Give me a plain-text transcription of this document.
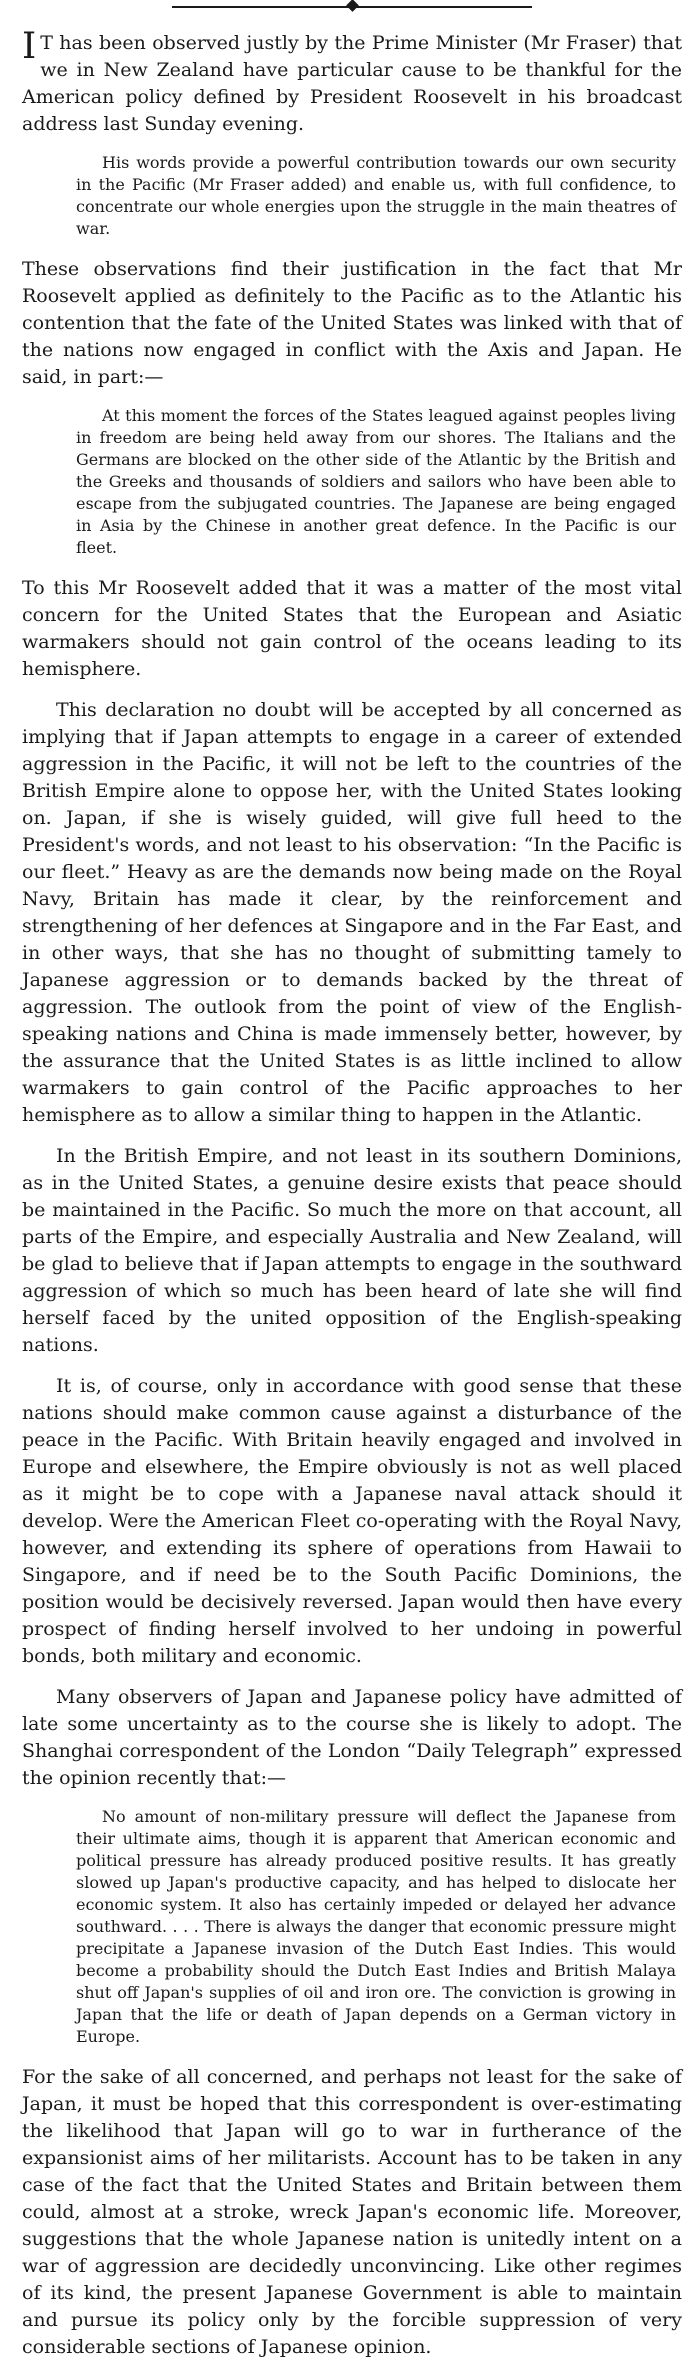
IT has been observed justly by the Prime Minister (Mr Fraser) that we in New Zealand have particular cause to be thankful for the American policy defined by President Roosevelt in his broadcast address last Sunday evening.

His words provide a powerful contribution towards our own security in the Pacific (Mr Fraser added) and enable us, with full confidence, to concentrate our whole energies upon the struggle in the main theatres of war.

These observations find their justification in the fact that Mr Roosevelt applied as definitely to the Pacific as to the Atlantic his contention that the fate of the United States was linked with that of the nations now engaged in conflict with the Axis and Japan. He said, in part:—

At this moment the forces of the States leagued against peoples living in freedom are being held away from our shores. The Italians and the Germans are blocked on the other side of the Atlantic by the British and the Greeks and thousands of soldiers and sailors who have been able to escape from the subjugated countries. The Japanese are being engaged in Asia by the Chinese in another great defence. In the Pacific is our fleet.

To this Mr Roosevelt added that it was a matter of the most vital concern for the United States that the European and Asiatic warmakers should not gain control of the oceans leading to its hemisphere.

This declaration no doubt will be accepted by all concerned as implying that if Japan attempts to engage in a career of extended aggression in the Pacific, it will not be left to the countries of the British Empire alone to oppose her, with the United States looking on. Japan, if she is wisely guided, will give full heed to the President's words, and not least to his observation: “In the Pacific is our fleet.” Heavy as are the demands now being made on the Royal Navy, Britain has made it clear, by the reinforcement and strengthening of her defences at Singapore and in the Far East, and in other ways, that she has no thought of submitting tamely to Japanese aggression or to demands backed by the threat of aggression. The outlook from the point of view of the English-speaking nations and China is made immensely better, however, by the assurance that the United States is as little inclined to allow warmakers to gain control of the Pacific approaches to her hemisphere as to allow a similar thing to happen in the Atlantic.

In the British Empire, and not least in its southern Dominions, as in the United States, a genuine desire exists that peace should be maintained in the Pacific. So much the more on that account, all parts of the Empire, and especially Australia and New Zealand, will be glad to believe that if Japan attempts to engage in the southward aggression of which so much has been heard of late she will find herself faced by the united opposition of the English-speaking nations.

It is, of course, only in accordance with good sense that these nations should make common cause against a disturbance of the peace in the Pacific. With Britain heavily engaged and involved in Europe and elsewhere, the Empire obviously is not as well placed as it might be to cope with a Japanese naval attack should it develop. Were the American Fleet co-operating with the Royal Navy, however, and extending its sphere of operations from Hawaii to Singapore, and if need be to the South Pacific Dominions, the position would be decisively reversed. Japan would then have every prospect of finding herself involved to her undoing in powerful bonds, both military and economic.

Many observers of Japan and Japanese policy have admitted of late some uncertainty as to the course she is likely to adopt. The Shanghai correspondent of the London “Daily Telegraph” expressed the opinion recently that:—

No amount of non-military pressure will deflect the Japanese from their ultimate aims, though it is apparent that American economic and political pressure has already produced positive results. It has greatly slowed up Japan's productive capacity, and has helped to dislocate her economic system. It also has certainly impeded or delayed her advance southward. . . . There is always the danger that economic pressure might precipitate a Japanese invasion of the Dutch East Indies. This would become a probability should the Dutch East Indies and British Malaya shut off Japan's supplies of oil and iron ore. The conviction is growing in Japan that the life or death of Japan depends on a German victory in Europe.

For the sake of all concerned, and perhaps not least for the sake of Japan, it must be hoped that this correspondent is over-estimating the likelihood that Japan will go to war in furtherance of the expansionist aims of her militarists. Account has to be taken in any case of the fact that the United States and Britain between them could, almost at a stroke, wreck Japan's economic life. Moreover, suggestions that the whole Japanese nation is unitedly intent on a war of aggression are decidedly unconvincing. Like other regimes of its kind, the present Japanese Government is able to maintain and pursue its policy only by the forcible suppression of very considerable sections of Japanese opinion.
